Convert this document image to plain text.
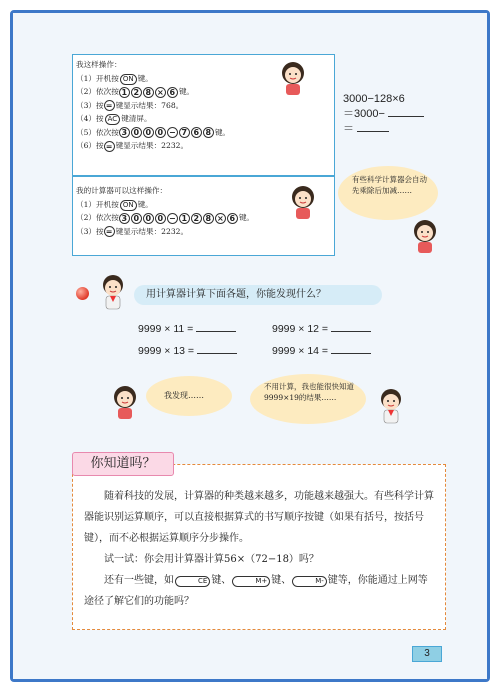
我这样操作：
（1）开机按 ON 键。
（2）依次按 1 2 8 × 6 键。
（3）按 = 键显示结果：768。
（4）按 AC 键清屏。
（5）依次按 3 0 0 0 − 7 6 8 键。
（6）按 = 键显示结果：2232。
我的计算器可以这样操作：
（1）开机按 ON 键。
（2）依次按 3 0 0 0 − 1 2 8 × 6 键。
（3）按 = 键显示结果：2232。
3000−128×6
＝3000−
＝
有些科学计算器会自动先乘除后加减……
用计算器计算下面各题，你能发现什么？
9999 × 11 =	9999 × 12 =
9999 × 13 =	9999 × 14 =
我发现……
不用计算，我也能很快知道9999×19的结果……
你知道吗？

随着科技的发展，计算器的种类越来越多，功能越来越强大。有些科学计算器能识别运算顺序，可以直接根据算式的书写顺序按键（如果有括号，按括号键），而不必根据运算顺序分步操作。

试一试：你会用计算器计算56×（72−18）吗？

还有一些键，如	CE 键、	M+ 键、	M- 键等，你能通过上网等途径了解它们的功能吗？

3
